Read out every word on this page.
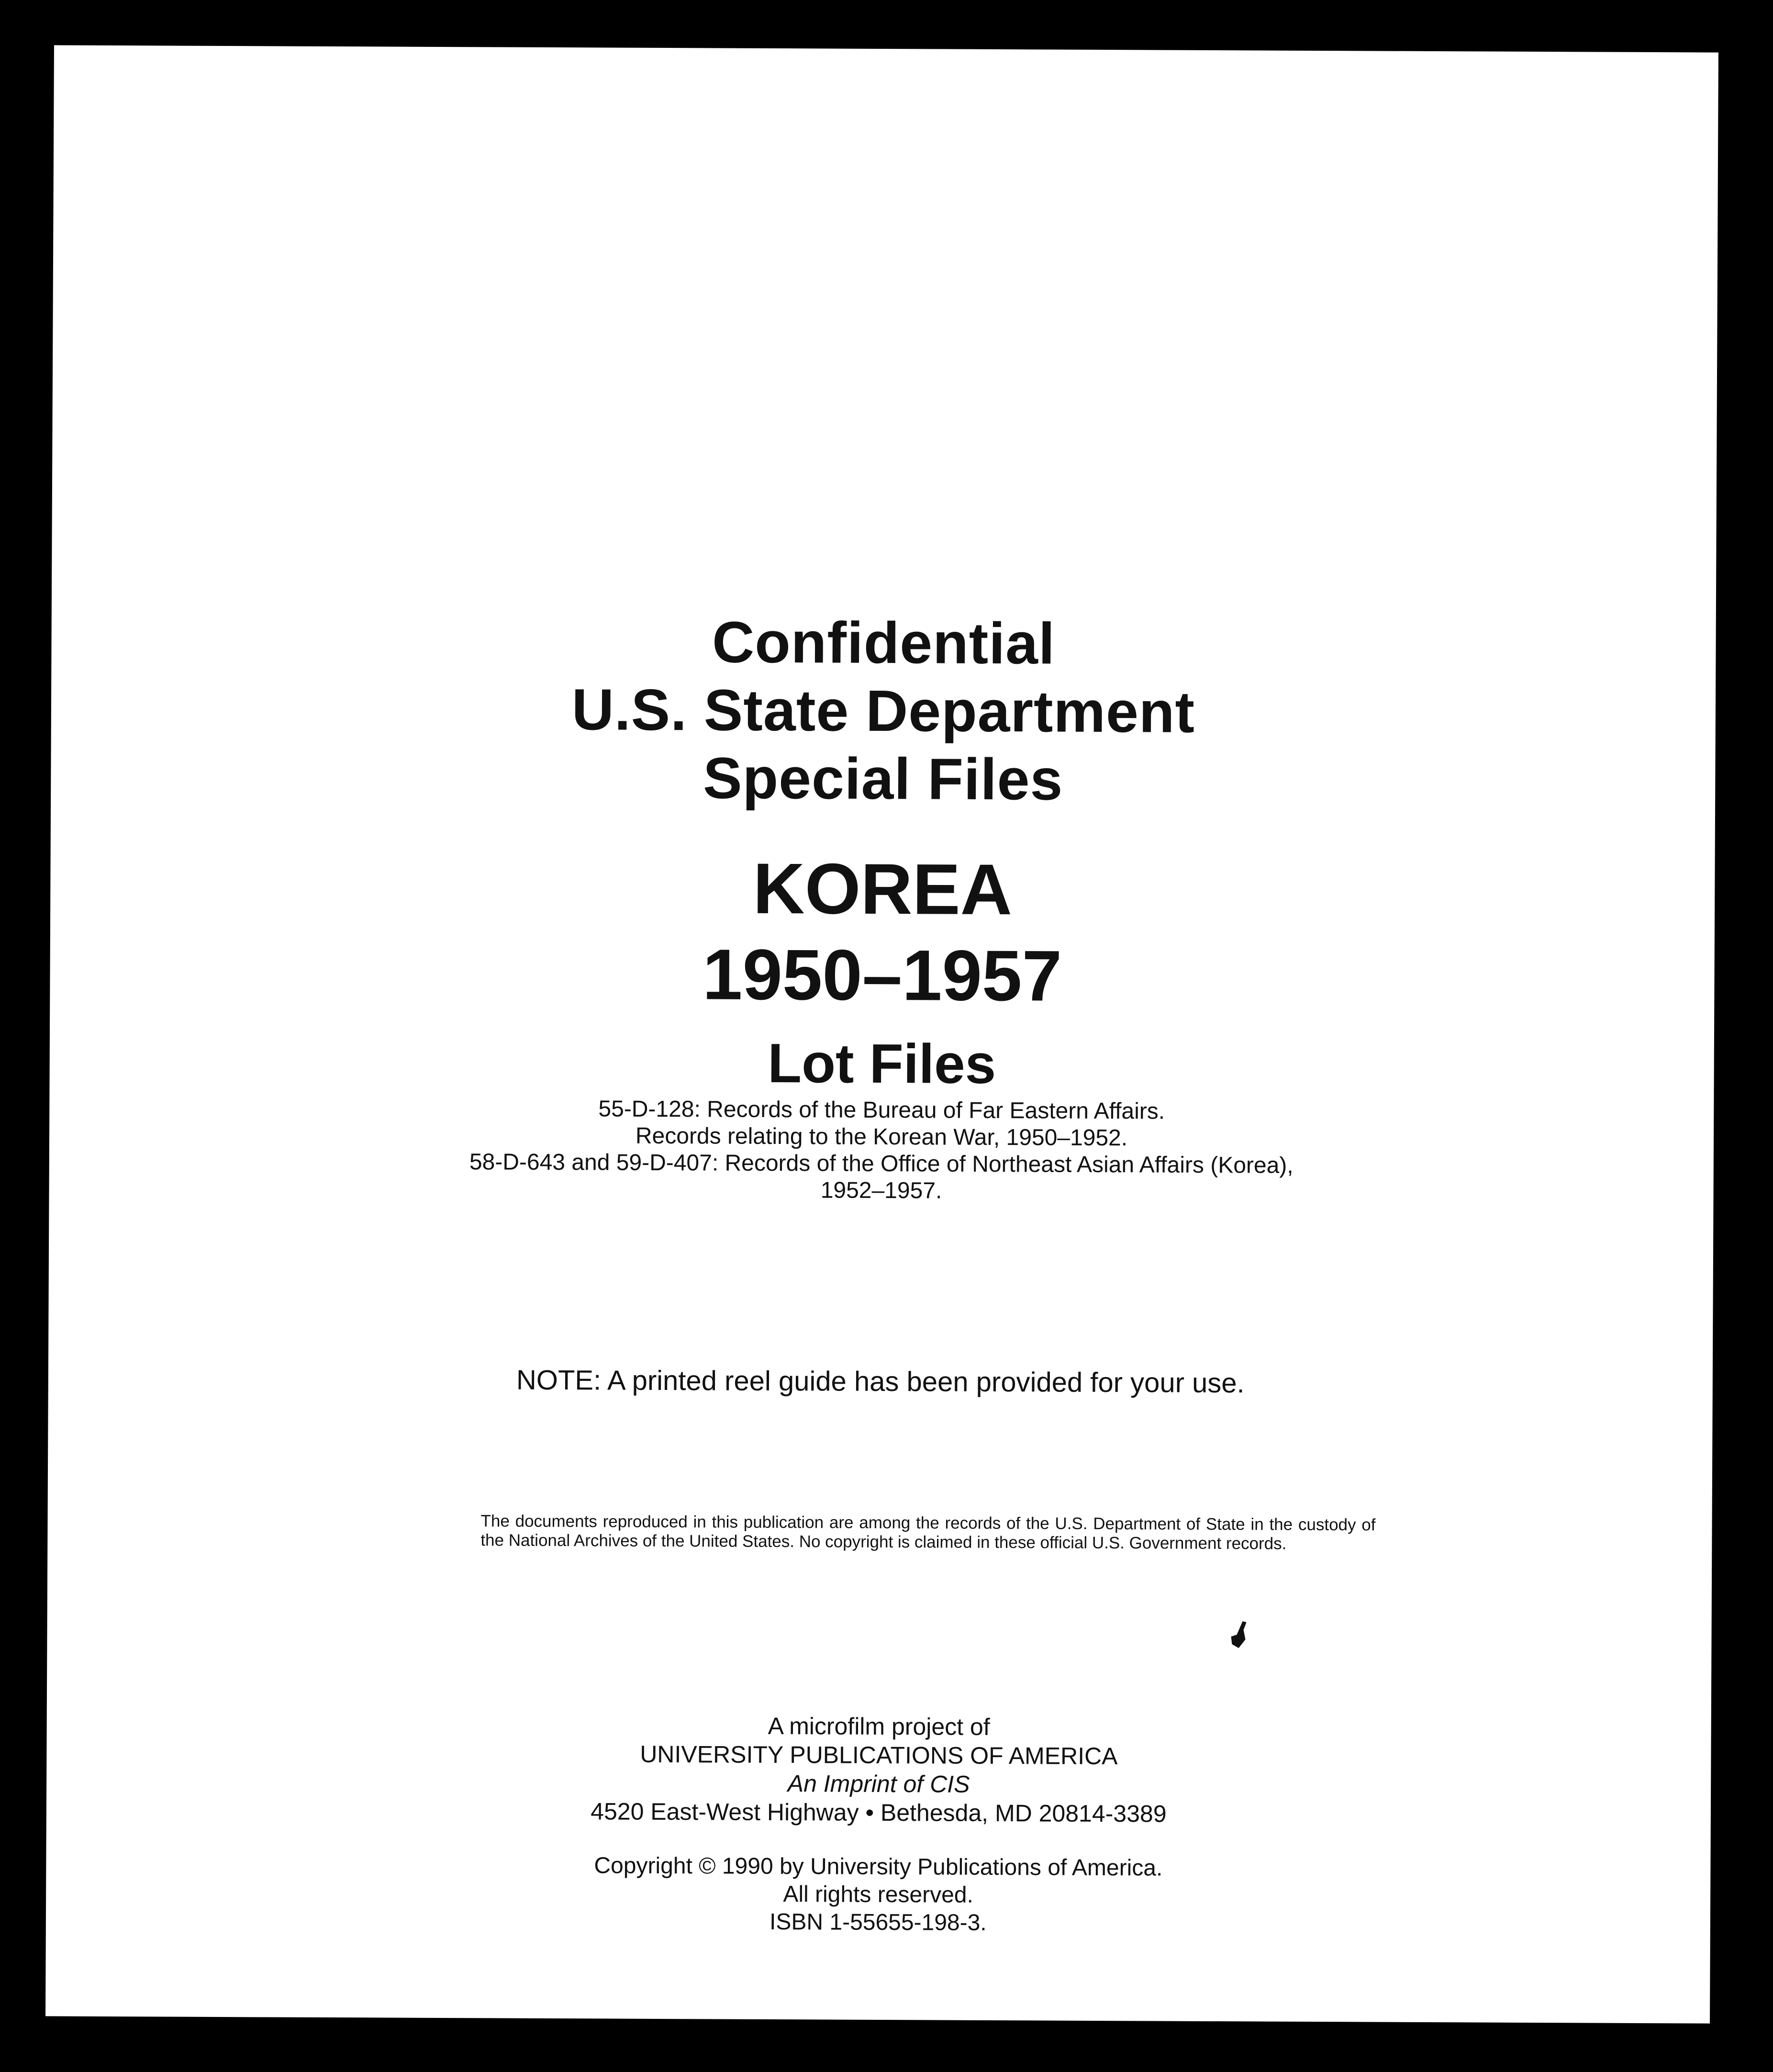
Confidential
U.S. State Department
Special Files
KOREA
1950–1957
Lot Files
55-D-128: Records of the Bureau of Far Eastern Affairs.
Records relating to the Korean War, 1950–1952.
58-D-643 and 59-D-407: Records of the Office of Northeast Asian Affairs (Korea),
1952–1957.
NOTE: A printed reel guide has been provided for your use.
The documents reproduced in this publication are among the records of the U.S. Department of State in the custody of the National Archives of the United States. No copyright is claimed in these official U.S. Government records.
A microfilm project of
UNIVERSITY PUBLICATIONS OF AMERICA
An Imprint of CIS
4520 East-West Highway • Bethesda, MD 20814-3389
Copyright © 1990 by University Publications of America.
All rights reserved.
ISBN 1-55655-198-3.
